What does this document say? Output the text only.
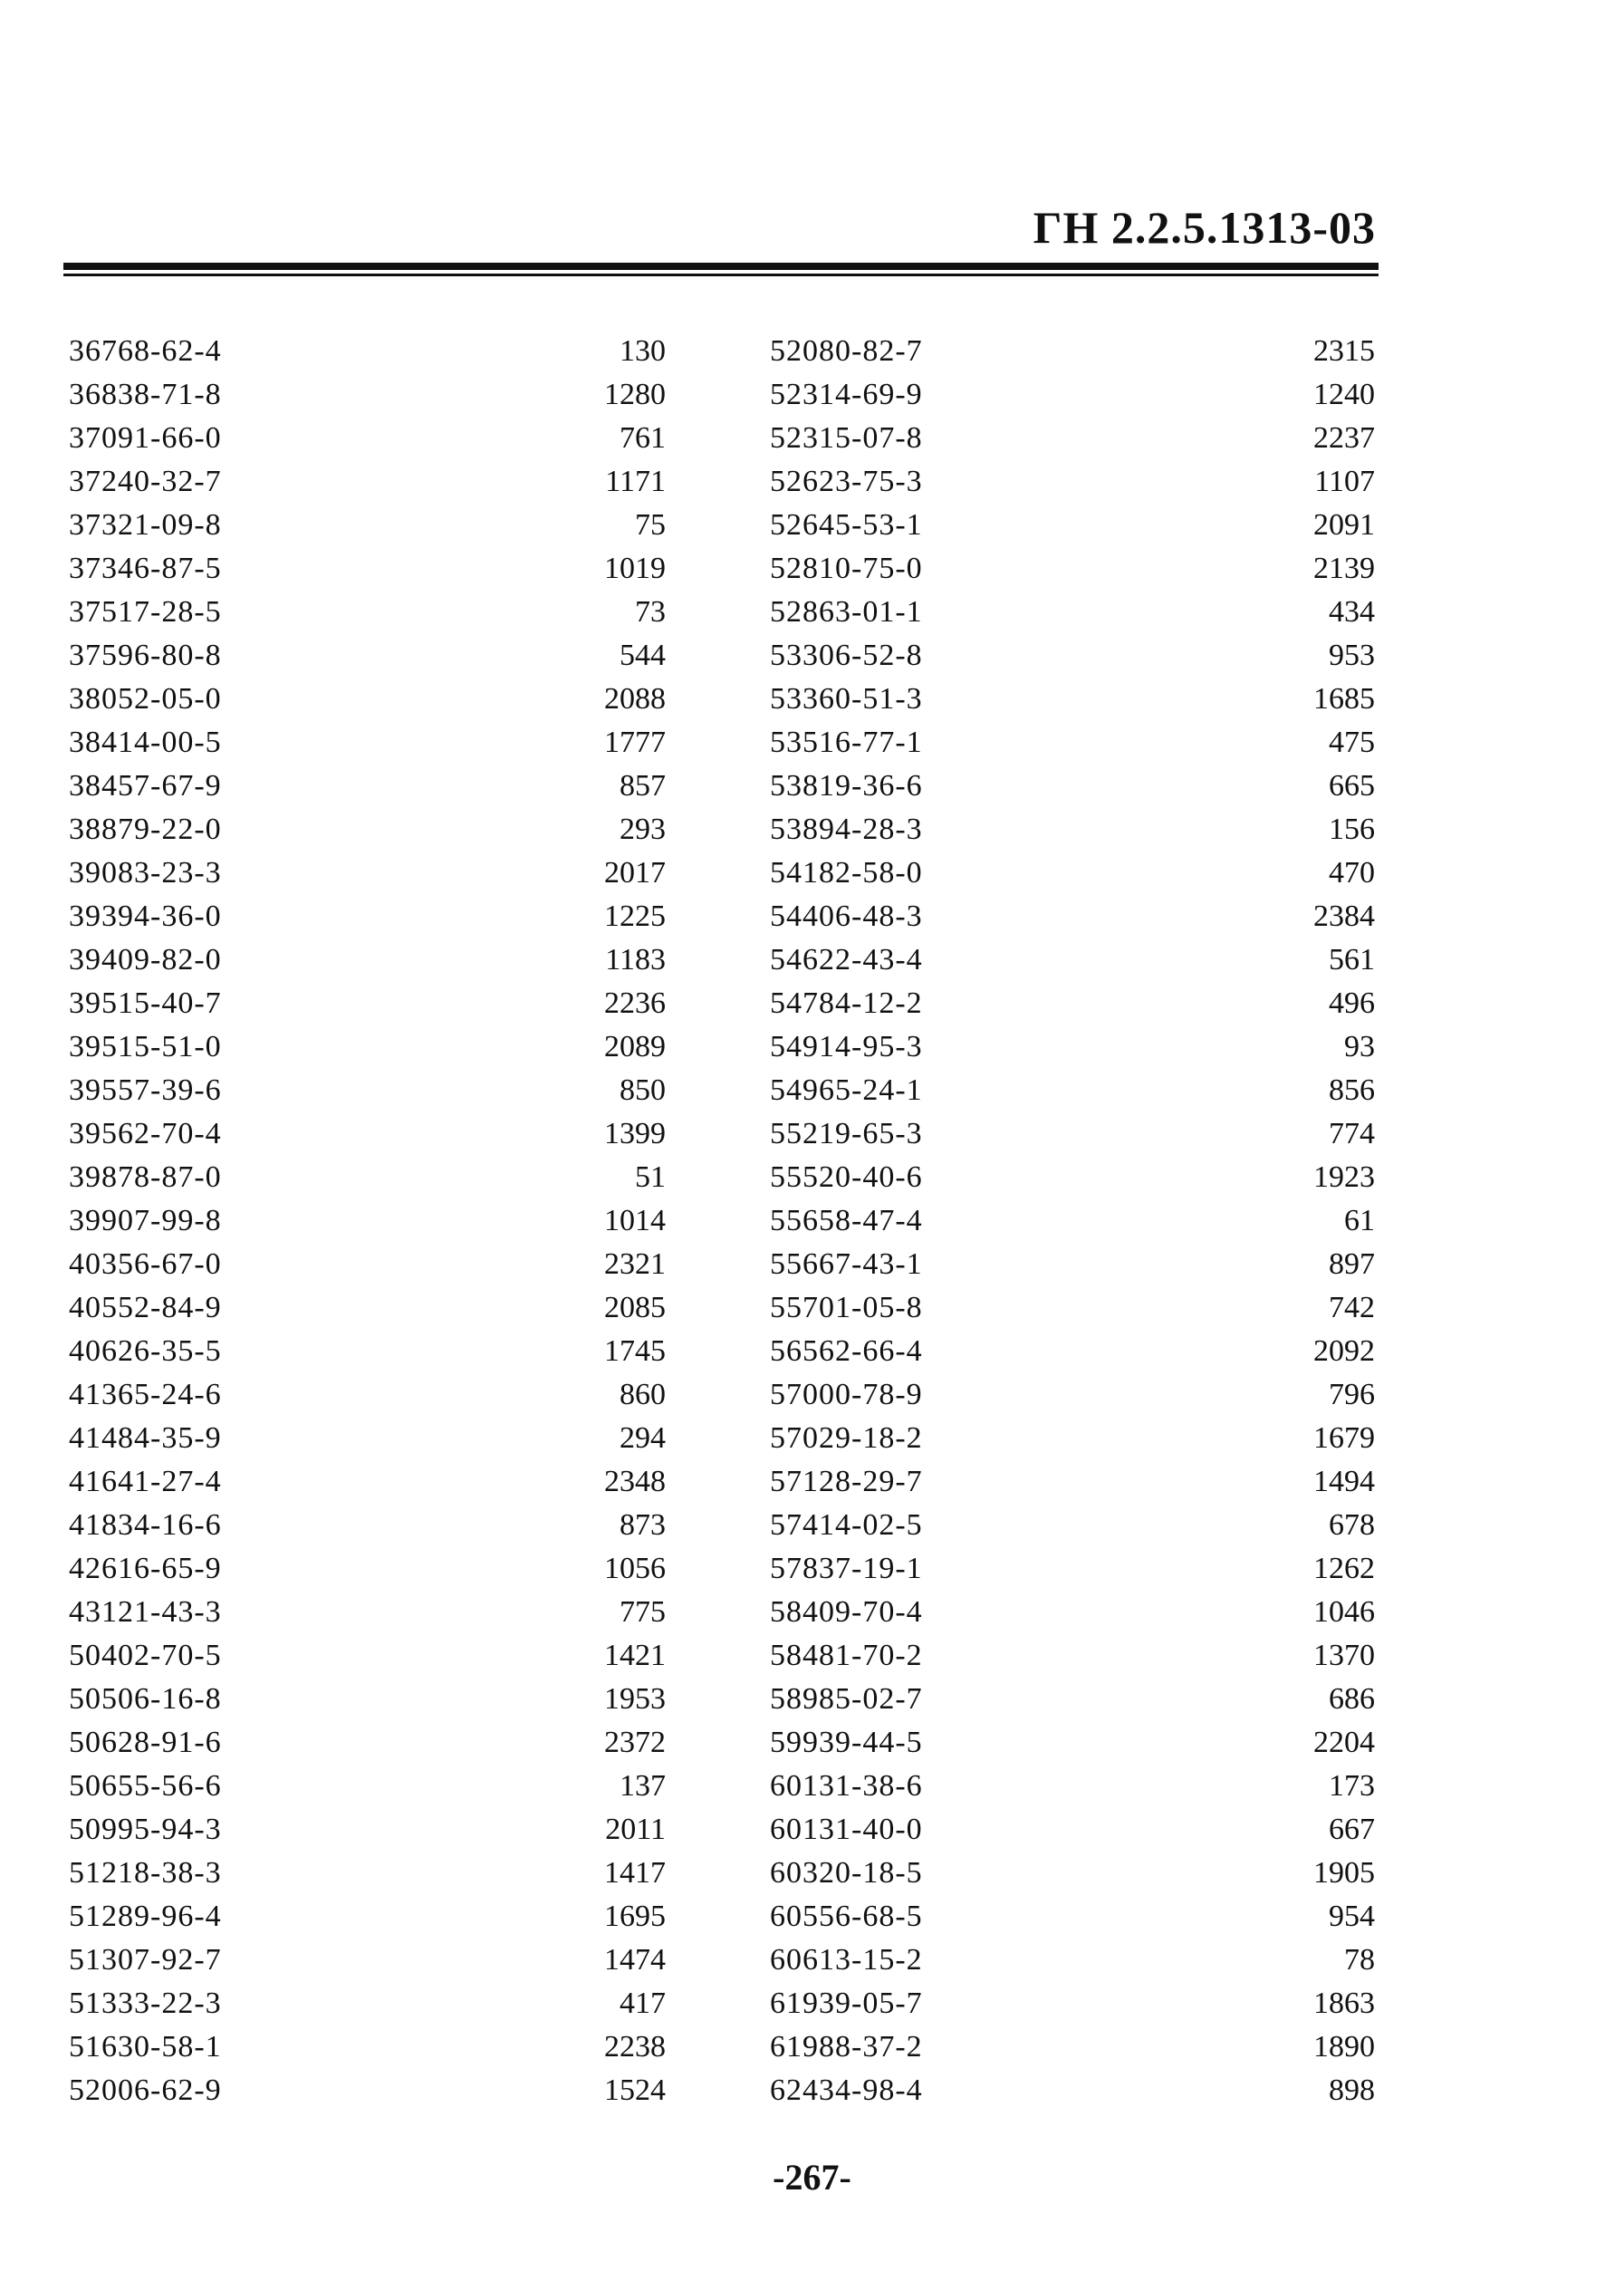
ГН 2.2.5.1313-03
36768-62-4	130	52080-82-7	2315
36838-71-8	1280	52314-69-9	1240
37091-66-0	761	52315-07-8	2237
37240-32-7	1171	52623-75-3	1107
37321-09-8	75	52645-53-1	2091
37346-87-5	1019	52810-75-0	2139
37517-28-5	73	52863-01-1	434
37596-80-8	544	53306-52-8	953
38052-05-0	2088	53360-51-3	1685
38414-00-5	1777	53516-77-1	475
38457-67-9	857	53819-36-6	665
38879-22-0	293	53894-28-3	156
39083-23-3	2017	54182-58-0	470
39394-36-0	1225	54406-48-3	2384
39409-82-0	1183	54622-43-4	561
39515-40-7	2236	54784-12-2	496
39515-51-0	2089	54914-95-3	93
39557-39-6	850	54965-24-1	856
39562-70-4	1399	55219-65-3	774
39878-87-0	51	55520-40-6	1923
39907-99-8	1014	55658-47-4	61
40356-67-0	2321	55667-43-1	897
40552-84-9	2085	55701-05-8	742
40626-35-5	1745	56562-66-4	2092
41365-24-6	860	57000-78-9	796
41484-35-9	294	57029-18-2	1679
41641-27-4	2348	57128-29-7	1494
41834-16-6	873	57414-02-5	678
42616-65-9	1056	57837-19-1	1262
43121-43-3	775	58409-70-4	1046
50402-70-5	1421	58481-70-2	1370
50506-16-8	1953	58985-02-7	686
50628-91-6	2372	59939-44-5	2204
50655-56-6	137	60131-38-6	173
50995-94-3	2011	60131-40-0	667
51218-38-3	1417	60320-18-5	1905
51289-96-4	1695	60556-68-5	954
51307-92-7	1474	60613-15-2	78
51333-22-3	417	61939-05-7	1863
51630-58-1	2238	61988-37-2	1890
52006-62-9	1524	62434-98-4	898
-267-
